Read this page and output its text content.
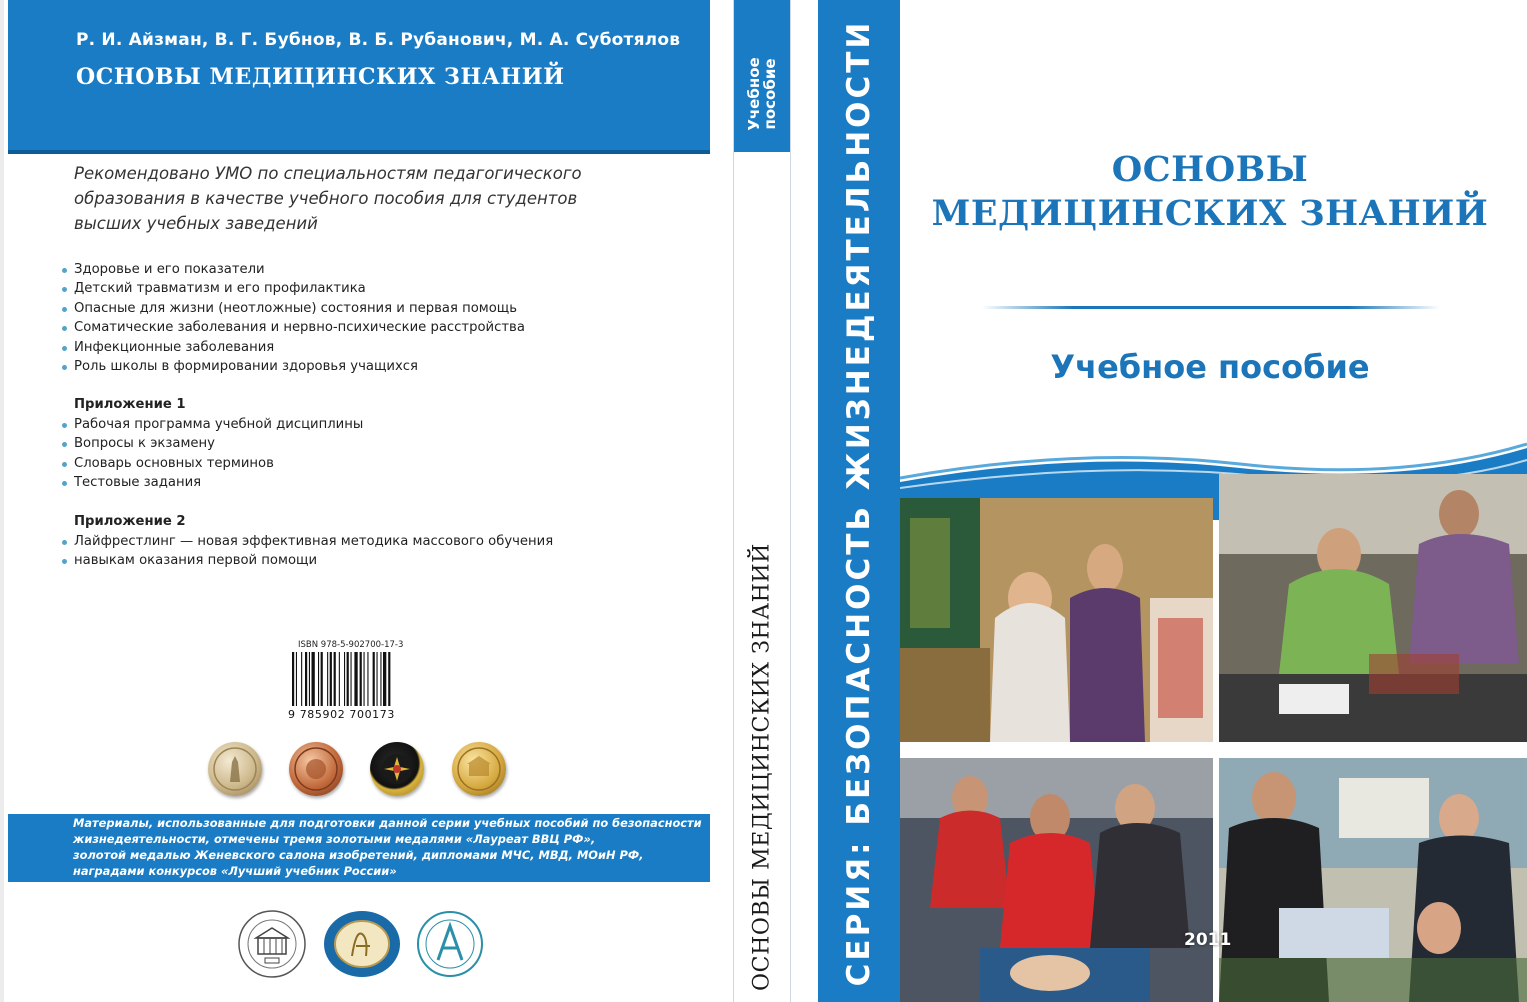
Р. И. Айзман, В. Г. Бубнов, В. Б. Рубанович, М. А. Суботялов
ОСНОВЫ МЕДИЦИНСКИХ ЗНАНИЙ
Рекомендовано УМО по специальностям педагогического
образования в качестве учебного пособия для студентов
высших учебных заведений
Здоровье и его показатели
Детский травматизм и его профилактика
Опасные для жизни (неотложные) состояния и первая помощь
Соматические заболевания и нервно-психические расстройства
Инфекционные заболевания
Роль школы в формировании здоровья учащихся
Приложение 1
Рабочая программа учебной дисциплины
Вопросы к экзамену
Словарь основных терминов
Тестовые задания
Приложение 2
Лайфрестлинг — новая эффективная методика массового обучения
навыкам оказания первой помощи
ISBN 978-5-902700-17-3
9 785902 700173
Материалы, использованные для подготовки данной серии учебных пособий по безопасности
жизнедеятельности, отмечены тремя золотыми медалями «Лауреат ВВЦ РФ»,
золотой медалью Женевского салона изобретений, дипломами МЧС, МВД, МОиН РФ,
наградами конкурсов «Лучший учебник России»
Учебное
пособие
ОСНОВЫ МЕДИЦИНСКИХ ЗНАНИЙ СЕРИЯ: БЕЗОПАСНОСТЬ ЖИЗНЕДЕЯТЕЛЬНОСТИ	ОСНОВЫ
МЕДИЦИНСКИХ ЗНАНИЙ
Учебное пособие
2011
